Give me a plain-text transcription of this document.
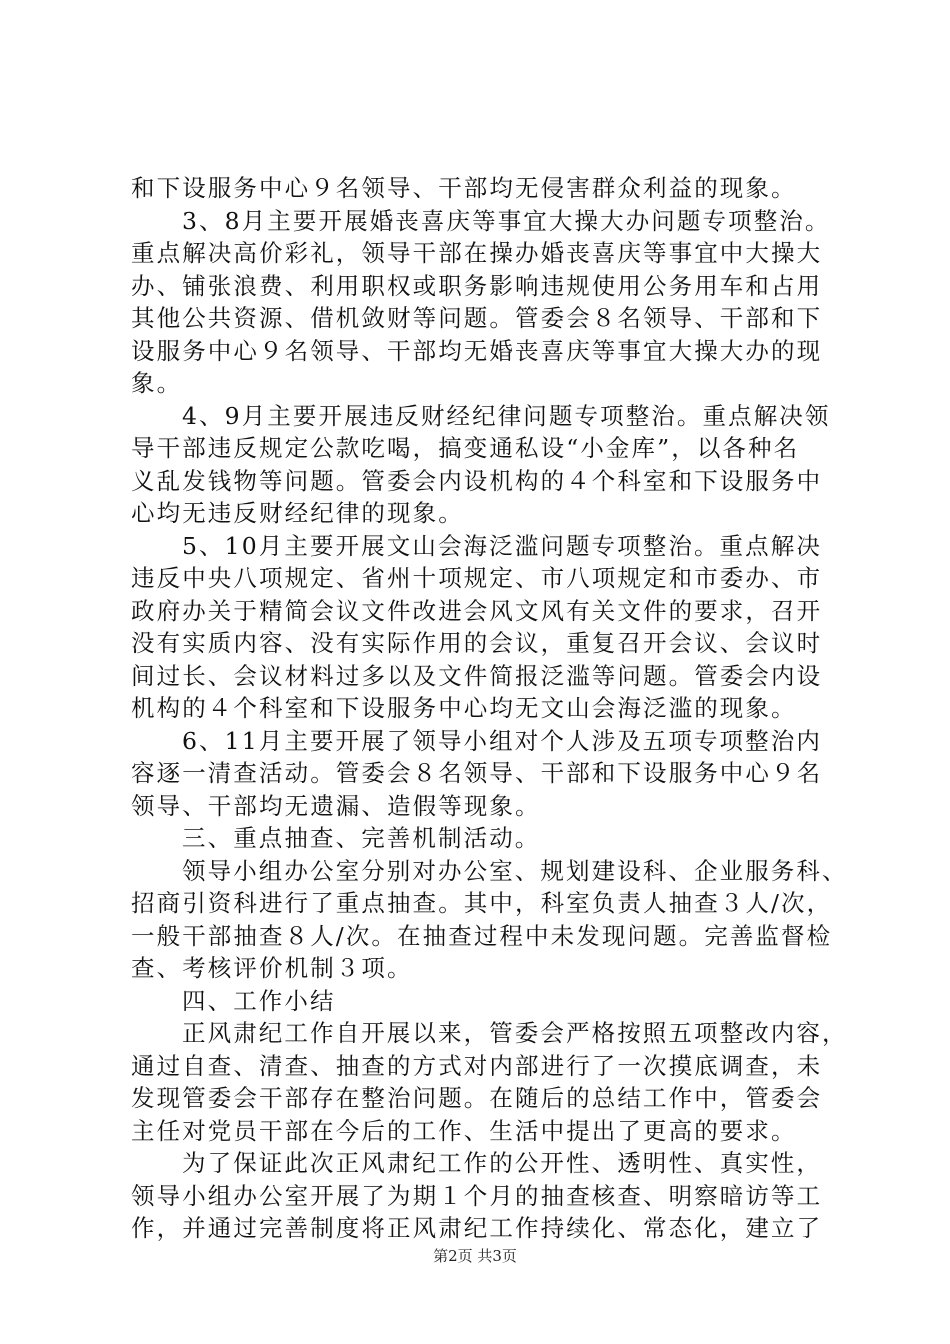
和下设服务中心９名领导、干部均无侵害群众利益的现象。
3、8月主要开展婚丧喜庆等事宜大操大办问题专项整治。
重点解决高价彩礼，领导干部在操办婚丧喜庆等事宜中大操大
办、铺张浪费、利用职权或职务影响违规使用公务用车和占用
其他公共资源、借机敛财等问题。管委会８名领导、干部和下
设服务中心９名领导、干部均无婚丧喜庆等事宜大操大办的现
象。
4、9月主要开展违反财经纪律问题专项整治。重点解决领
导干部违反规定公款吃喝，搞变通私设“小金库”，以各种名
义乱发钱物等问题。管委会内设机构的４个科室和下设服务中
心均无违反财经纪律的现象。
5、10月主要开展文山会海泛滥问题专项整治。重点解决
违反中央八项规定、省州十项规定、市八项规定和市委办、市
政府办关于精简会议文件改进会风文风有关文件的要求，召开
没有实质内容、没有实际作用的会议，重复召开会议、会议时
间过长、会议材料过多以及文件简报泛滥等问题。管委会内设
机构的４个科室和下设服务中心均无文山会海泛滥的现象。
6、11月主要开展了领导小组对个人涉及五项专项整治内
容逐一清查活动。管委会８名领导、干部和下设服务中心９名
领导、干部均无遗漏、造假等现象。
三、重点抽查、完善机制活动。
领导小组办公室分别对办公室、规划建设科、企业服务科、
招商引资科进行了重点抽查。其中，科室负责人抽查３人/次，
一般干部抽查８人/次。在抽查过程中未发现问题。完善监督检
查、考核评价机制３项。
四、工作小结
正风肃纪工作自开展以来，管委会严格按照五项整改内容，
通过自查、清查、抽查的方式对内部进行了一次摸底调查，未
发现管委会干部存在整治问题。在随后的总结工作中，管委会
主任对党员干部在今后的工作、生活中提出了更高的要求。
为了保证此次正风肃纪工作的公开性、透明性、真实性，
领导小组办公室开展了为期１个月的抽查核查、明察暗访等工
作，并通过完善制度将正风肃纪工作持续化、常态化，建立了
第2页 共3页
